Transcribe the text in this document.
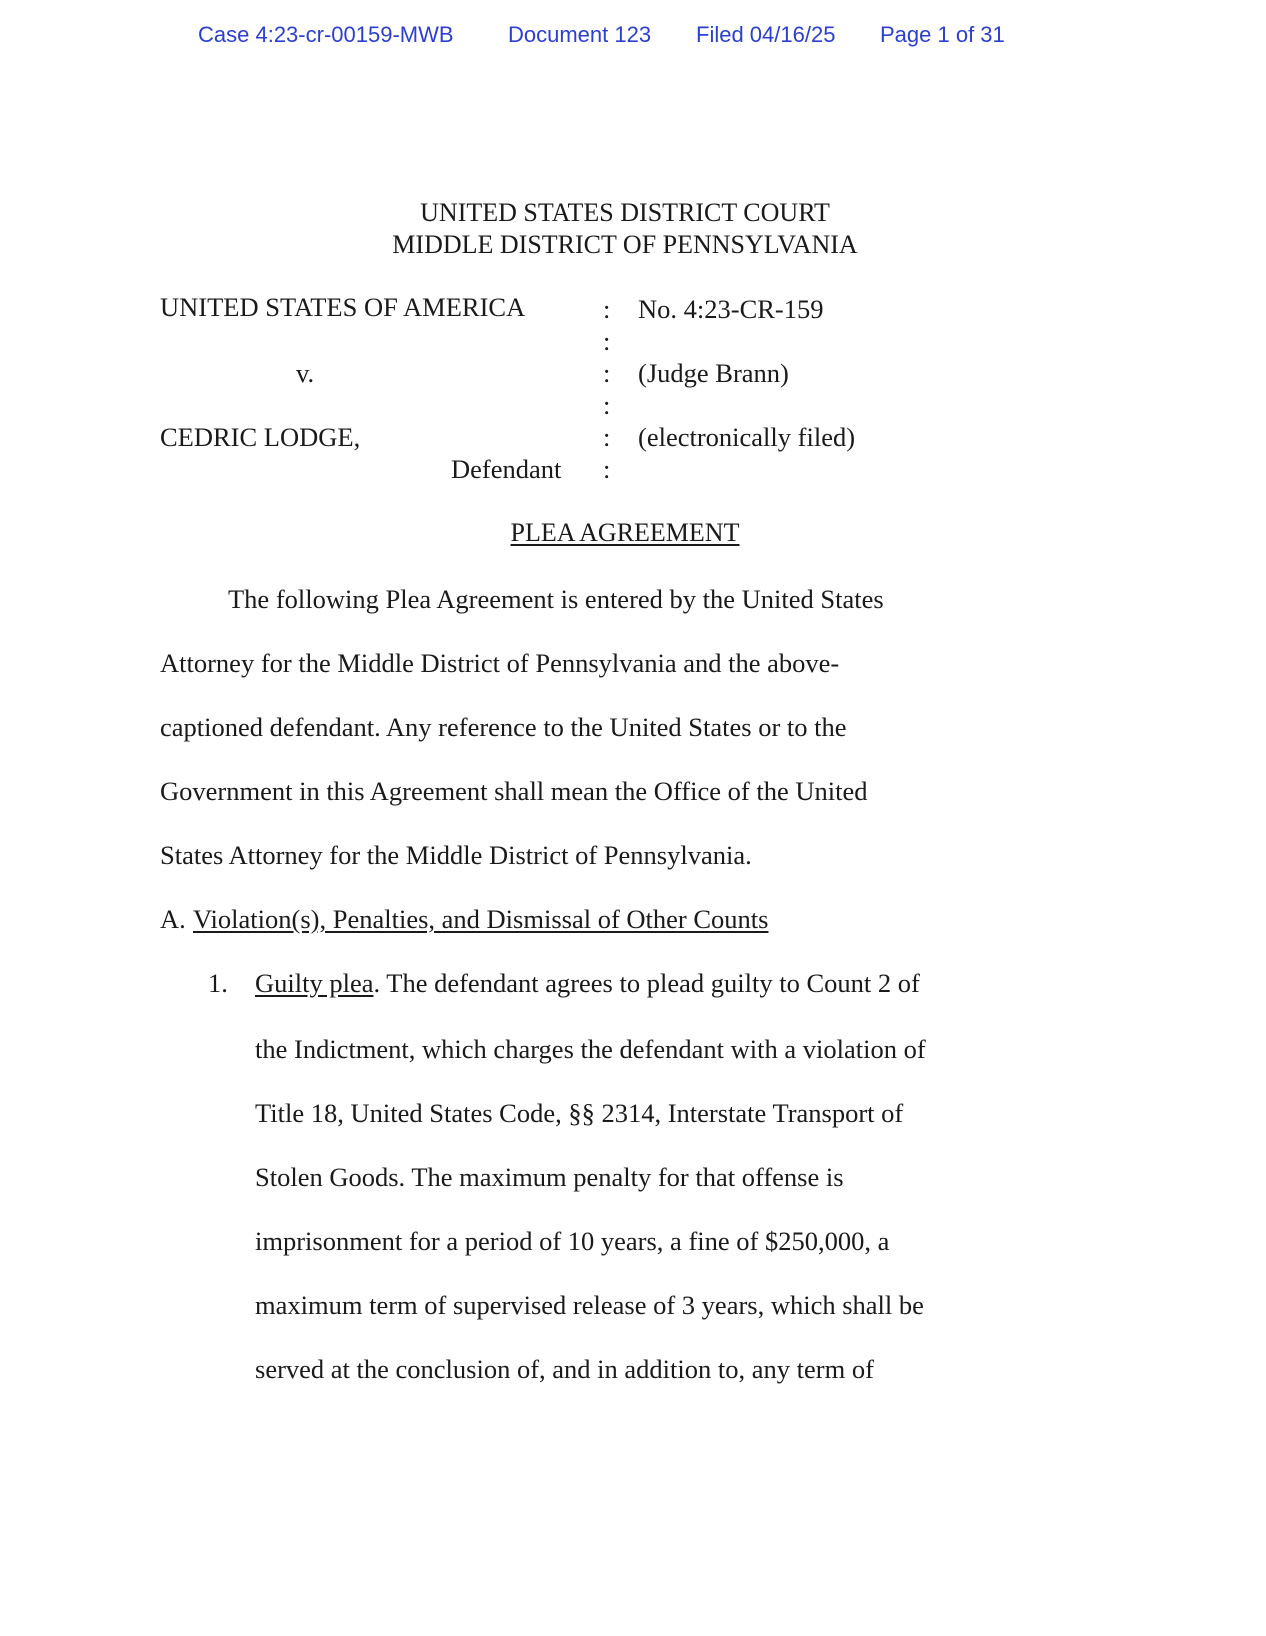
Case 4:23-cr-00159-MWB Document 123 Filed 04/16/25 Page 1 of 31
UNITED STATES DISTRICT COURT
MIDDLE DISTRICT OF PENNSYLVANIA
UNITED STATES OF AMERICA
v.
CEDRIC LODGE,
Defendant
:
:
:
:
:
:
No. 4:23-CR-159
(Judge Brann)
(electronically filed)
PLEA AGREEMENT
The following Plea Agreement is entered by the United States
Attorney for the Middle District of Pennsylvania and the above-
captioned defendant. Any reference to the United States or to the
Government in this Agreement shall mean the Office of the United
States Attorney for the Middle District of Pennsylvania.
A. Violation(s), Penalties, and Dismissal of Other Counts
1. Guilty plea. The defendant agrees to plead guilty to Count 2 of
the Indictment, which charges the defendant with a violation of
Title 18, United States Code, §§ 2314, Interstate Transport of
Stolen Goods. The maximum penalty for that offense is
imprisonment for a period of 10 years, a fine of $250,000, a
maximum term of supervised release of 3 years, which shall be
served at the conclusion of, and in addition to, any term of
